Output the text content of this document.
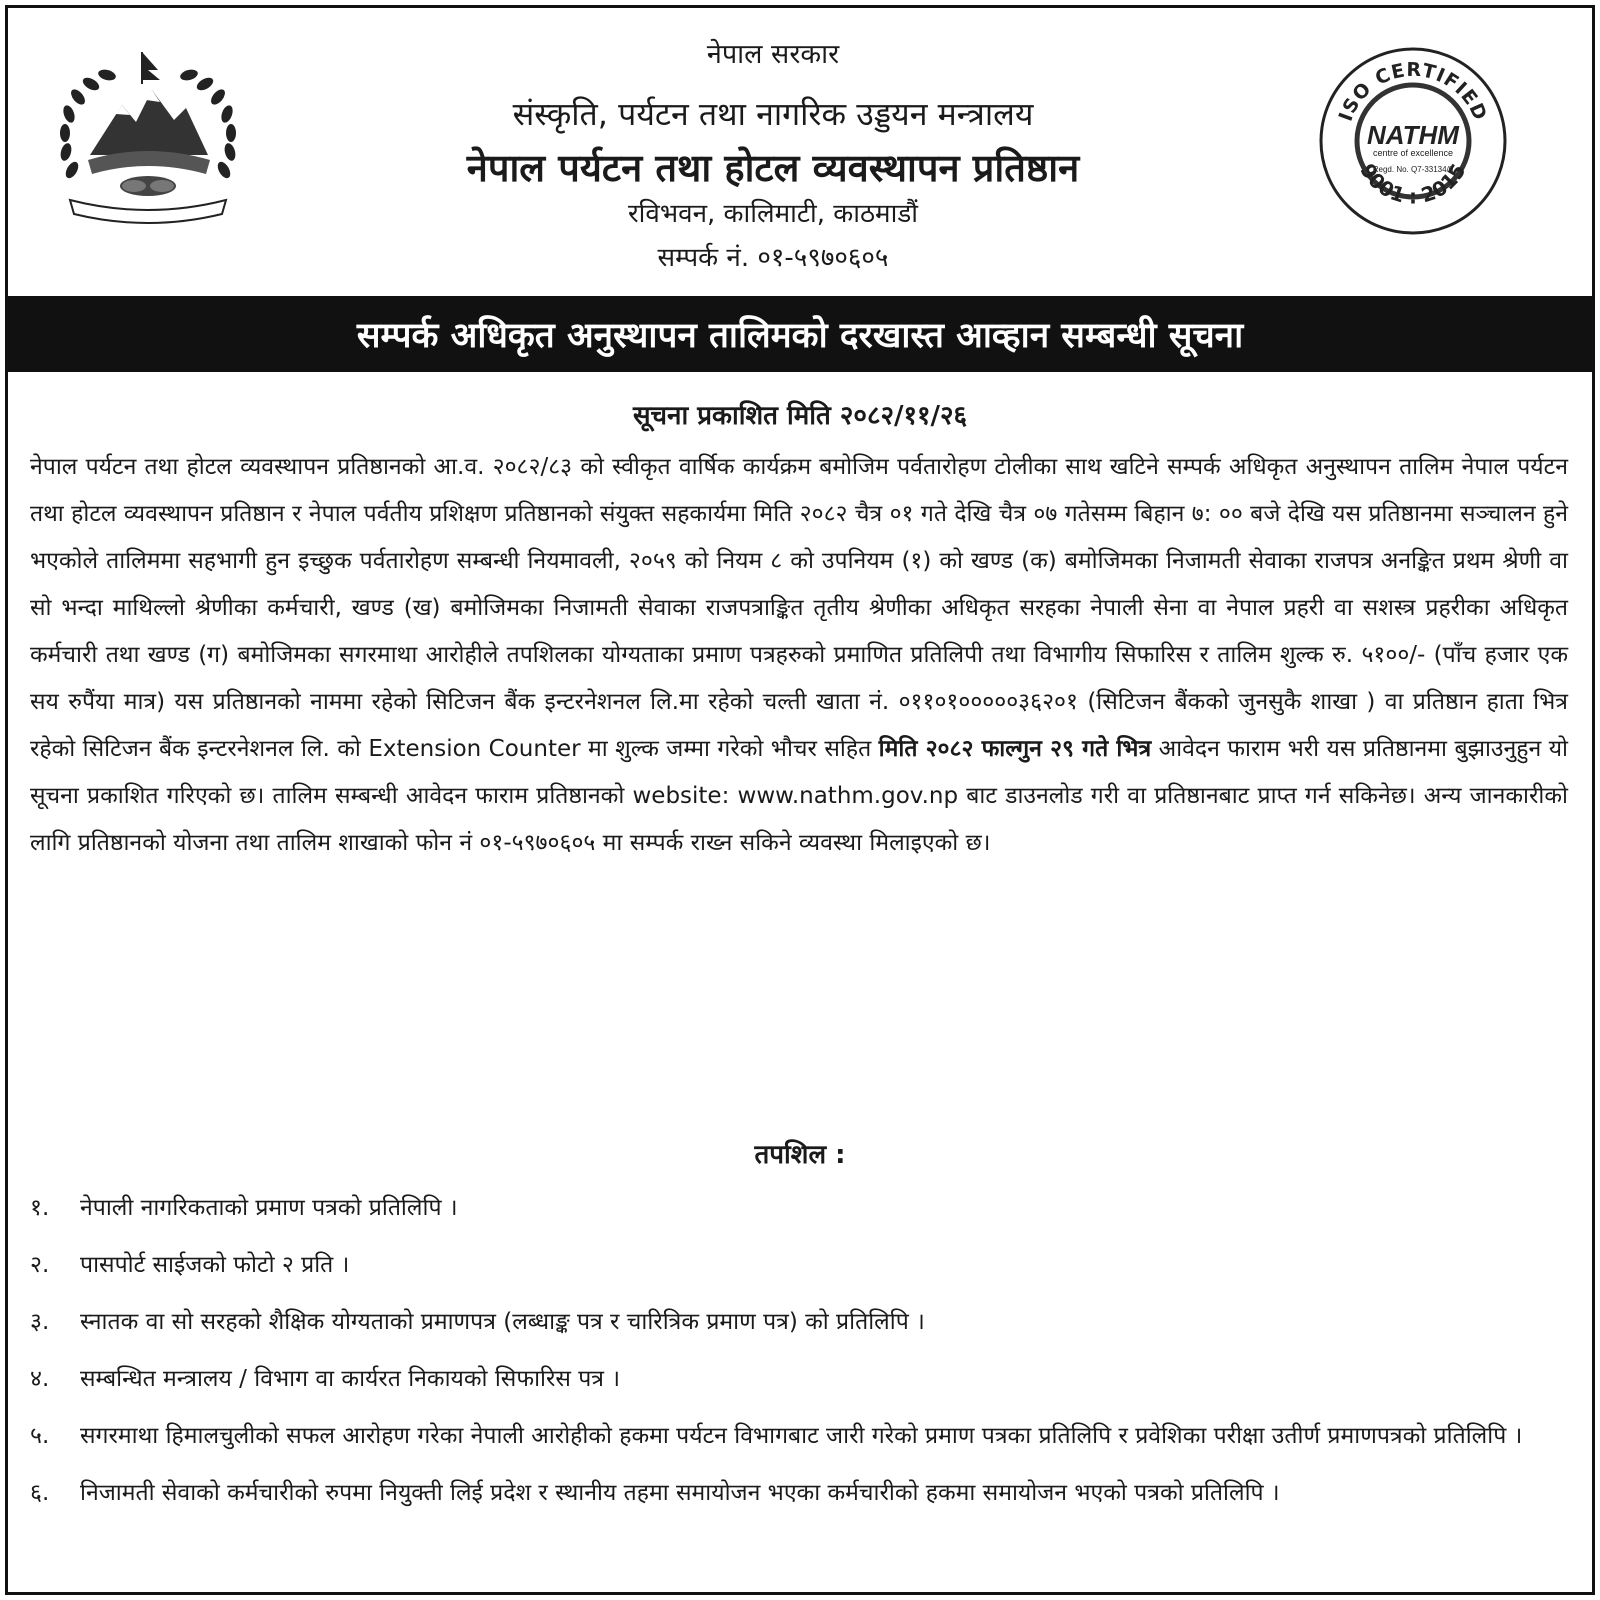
नेपाल सरकार
संस्कृति, पर्यटन तथा नागरिक उड्डयन मन्त्रालय
नेपाल पर्यटन तथा होटल व्यवस्थापन प्रतिष्ठान
रविभवन, कालिमाटी, काठमाडौं
सम्पर्क नं. ०१-५९७०६०५
ISO CERTIFIED
9001 : 2015
NATHM
centre of excellence
Regd. No. Q7-33134/0
सम्पर्क अधिकृत अनुस्थापन तालिमको दरखास्त आव्हान सम्बन्धी सूचना
सूचना प्रकाशित मिति २०८२/११/२६
नेपाल पर्यटन तथा होटल व्यवस्थापन प्रतिष्ठानको आ.व. २०८२/८३ को स्वीकृत वार्षिक कार्यक्रम बमोजिम पर्वतारोहण टोलीका साथ खटिने सम्पर्क अधिकृत अनुस्थापन तालिम नेपाल पर्यटन तथा होटल व्यवस्थापन प्रतिष्ठान र नेपाल पर्वतीय प्रशिक्षण प्रतिष्ठानको संयुक्त सहकार्यमा मिति २०८२ चैत्र ०१ गते देखि चैत्र ०७ गतेसम्म बिहान ७: ०० बजे देखि यस प्रतिष्ठानमा सञ्चालन हुने भएकोले तालिममा सहभागी हुन इच्छुक पर्वतारोहण सम्बन्धी नियमावली, २०५९ को नियम ८ को उपनियम (१) को खण्ड (क) बमोजिमका निजामती सेवाका राजपत्र अनङ्कित प्रथम श्रेणी वा सो भन्दा माथिल्लो श्रेणीका कर्मचारी, खण्ड (ख) बमोजिमका निजामती सेवाका राजपत्राङ्कित तृतीय श्रेणीका अधिकृत सरहका नेपाली सेना वा नेपाल प्रहरी वा सशस्त्र प्रहरीका अधिकृत कर्मचारी तथा खण्ड (ग) बमोजिमका सगरमाथा आरोहीले तपशिलका योग्यताका प्रमाण पत्रहरुको प्रमाणित प्रतिलिपी तथा विभागीय सिफारिस र तालिम शुल्क रु. ५१००/- (पाँच हजार एक सय रुपैंया मात्र) यस प्रतिष्ठानको नाममा रहेको सिटिजन बैंक इन्टरनेशनल लि.मा रहेको चल्ती खाता नं. ०११०१०००००३६२०१ (सिटिजन बैंकको जुनसुकै शाखा ) वा प्रतिष्ठान हाता भित्र रहेको सिटिजन बैंक इन्टरनेशनल लि. को Extension Counter मा शुल्क जम्मा गरेको भौचर सहित मिति २०८२ फाल्गुन २९ गते भित्र आवेदन फाराम भरी यस प्रतिष्ठानमा बुझाउनुहुन यो सूचना प्रकाशित गरिएको छ। तालिम सम्बन्धी आवेदन फाराम प्रतिष्ठानको website: www.nathm.gov.np बाट डाउनलोड गरी वा प्रतिष्ठानबाट प्राप्त गर्न सकिनेछ। अन्य जानकारीको लागि प्रतिष्ठानको योजना तथा तालिम शाखाको फोन नं ०१-५९७०६०५ मा सम्पर्क राख्न सकिने व्यवस्था मिलाइएको छ।
तपशिल :
१.	नेपाली नागरिकताको प्रमाण पत्रको प्रतिलिपि ।
२.	पासपोर्ट साईजको फोटो २ प्रति ।
३.	स्नातक वा सो सरहको शैक्षिक योग्यताको प्रमाणपत्र (लब्धाङ्क पत्र र चारित्रिक प्रमाण पत्र) को प्रतिलिपि ।
४.	सम्बन्धित मन्त्रालय / विभाग वा कार्यरत निकायको सिफारिस पत्र ।
५.	सगरमाथा हिमालचुलीको सफल आरोहण गरेका नेपाली आरोहीको हकमा पर्यटन विभागबाट जारी गरेको प्रमाण पत्रका प्रतिलिपि र प्रवेशिका परीक्षा उतीर्ण प्रमाणपत्रको प्रतिलिपि ।
६.	निजामती सेवाको कर्मचारीको रुपमा नियुक्ती लिई प्रदेश र स्थानीय तहमा समायोजन भएका कर्मचारीको हकमा समायोजन भएको पत्रको प्रतिलिपि ।
